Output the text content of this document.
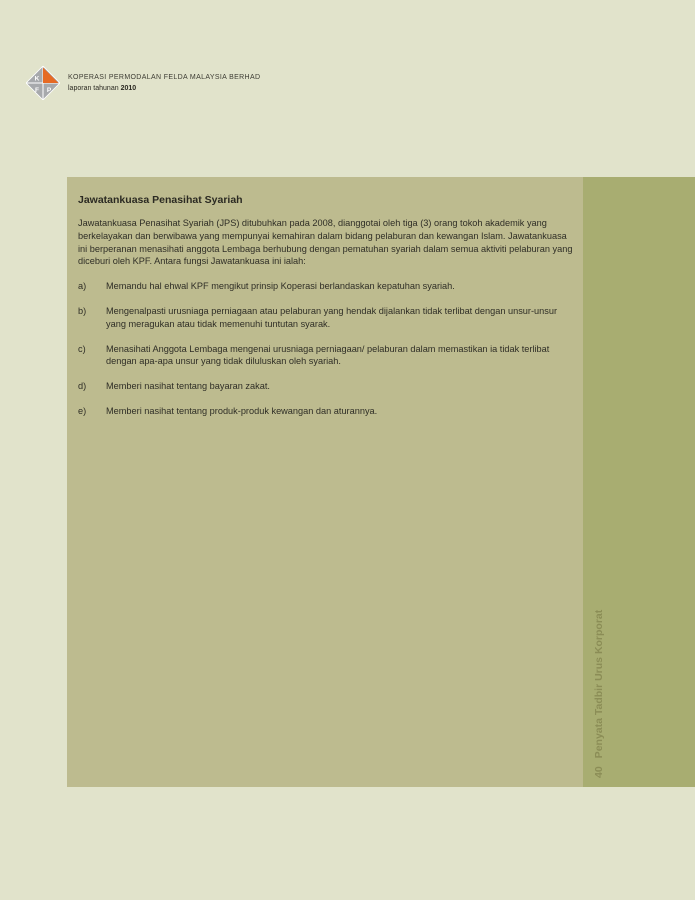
K
P
F
KOPERASI PERMODALAN FELDA MALAYSIA BERHAD
laporan tahunan 2010
40Penyata Tadbir Urus Korporat
Jawatankuasa Penasihat Syariah

Jawatankuasa Penasihat Syariah (JPS) ditubuhkan pada 2008, dianggotai oleh tiga (3) orang tokoh akademik yang berkelayakan dan berwibawa yang mempunyai kemahiran dalam bidang pelaburan dan kewangan Islam. Jawatankuasa ini berperanan menasihati anggota Lembaga berhubung dengan pematuhan syariah dalam semua aktiviti pelaburan yang diceburi oleh KPF. Antara fungsi Jawatankuasa ini ialah:

a)	Memandu hal ehwal KPF mengikut prinsip Koperasi berlandaskan kepatuhan syariah.
b)	Mengenalpasti urusniaga perniagaan atau pelaburan yang hendak dijalankan tidak terlibat dengan unsur-unsur yang meragukan atau tidak memenuhi tuntutan syarak.
c)	Menasihati Anggota Lembaga mengenai urusniaga perniagaan/ pelaburan dalam memastikan ia tidak terlibat dengan apa-apa unsur yang tidak diluluskan oleh syariah.
d)	Memberi nasihat tentang bayaran zakat.
e)	Memberi nasihat tentang produk-produk kewangan dan aturannya.
